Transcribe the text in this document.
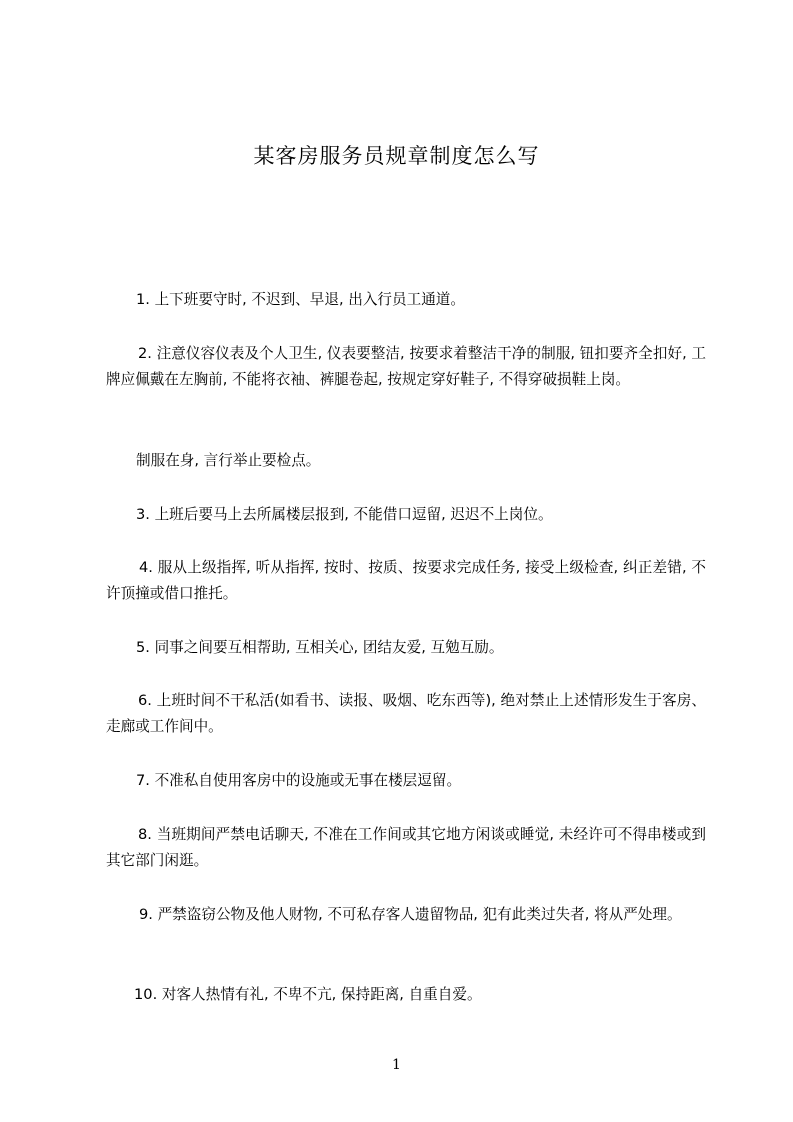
某客房服务员规章制度怎么写
1. 上下班要守时, 不迟到、早退, 出入行员工通道。
2. 注意仪容仪表及个人卫生, 仪表要整洁, 按要求着整洁干净的制服, 钮扣要齐全扣好, 工牌应佩戴在左胸前, 不能将衣袖、裤腿卷起, 按规定穿好鞋子, 不得穿破损鞋上岗。
制服在身, 言行举止要检点。
3. 上班后要马上去所属楼层报到, 不能借口逗留, 迟迟不上岗位。
4. 服从上级指挥, 听从指挥, 按时、按质、按要求完成任务, 接受上级检查, 纠正差错, 不许顶撞或借口推托。
5. 同事之间要互相帮助, 互相关心, 团结友爱, 互勉互励。
6. 上班时间不干私活(如看书、读报、吸烟、吃东西等), 绝对禁止上述情形发生于客房、走廊或工作间中。
7. 不准私自使用客房中的设施或无事在楼层逗留。
8. 当班期间严禁电话聊天, 不准在工作间或其它地方闲谈或睡觉, 未经许可不得串楼或到其它部门闲逛。
9. 严禁盗窃公物及他人财物, 不可私存客人遗留物品, 犯有此类过失者, 将从严处理。
10. 对客人热情有礼, 不卑不亢, 保持距离, 自重自爱。
1
